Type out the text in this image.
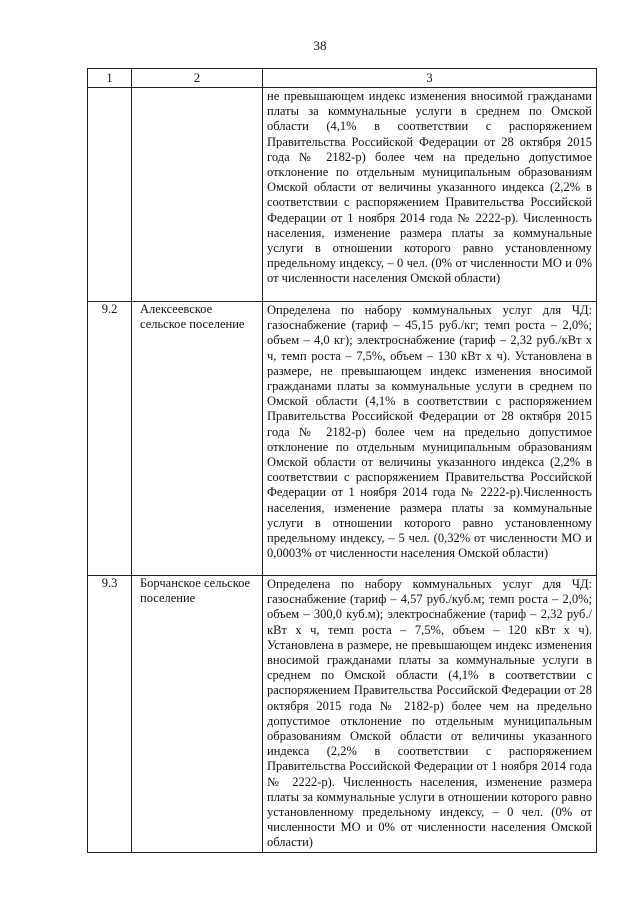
38
1	2	3
		не превышающем индекс изменения вносимой гражданами платы за коммунальные услуги в среднем по Омской области (4,1% в соответствии с распоряжением Правительства Российской Федерации от 28 октября 2015 года № 2182-р) более чем на предельно допустимое отклонение по отдельным муниципальным образованиям Омской области от величины указанного индекса (2,2% в соответствии с распоряжением Правительства Российской Федерации от 1 ноября 2014 года № 2222-р). Численность населения, изменение размера платы за коммунальные услуги в отношении которого равно установленному предельному индексу, – 0 чел. (0% от численности МО и 0% от численности населения Омской области)
9.2	Алексеевское сельское поселение	Определена по набору коммунальных услуг для ЧД: газоснабжение (тариф – 45,15 руб./кг; темп роста – 2,0%; объем – 4,0 кг); электроснабжение (тариф – 2,32 руб./кВт х ч, темп роста – 7,5%, объем – 130 кВт х ч). Установлена в размере, не превышающем индекс изменения вносимой гражданами платы за коммунальные услуги в среднем по Омской области (4,1% в соответствии с распоряжением Правительства Российской Федерации от 28 октября 2015 года № 2182-р) более чем на предельно допустимое отклонение по отдельным муниципальным образованиям Омской области от величины указанного индекса (2,2% в соответствии с распоряжением Правительства Российской Федерации от 1 ноября 2014 года № 2222-р).Численность населения, изменение размера платы за коммунальные услуги в отношении которого равно установленному предельному индексу, – 5 чел. (0,32% от численности МО и 0,0003% от численности населения Омской области)
9.3	Борчанское сельское поселение	Определена по набору коммунальных услуг для ЧД: газоснабжение (тариф – 4,57 руб./куб.м; темп роста – 2,0%; объем – 300,0 куб.м); электроснабжение (тариф – 2,32 руб./кВт х ч, темп роста – 7,5%, объем – 120 кВт х ч). Установлена в размере, не превышающем индекс изменения вносимой гражданами платы за коммунальные услуги в среднем по Омской области (4,1% в соответствии с распоряжением Правительства Российской Федерации от 28 октября 2015 года № 2182-р) более чем на предельно допустимое отклонение по отдельным муниципальным образованиям Омской области от величины указанного индекса (2,2% в соответствии с распоряжением Правительства Российской Федерации от 1 ноября 2014 года № 2222-р). Численность населения, изменение размера платы за коммунальные услуги в отношении которого равно установленному предельному индексу, – 0 чел. (0% от численности МО и 0% от численности населения Омской области)
